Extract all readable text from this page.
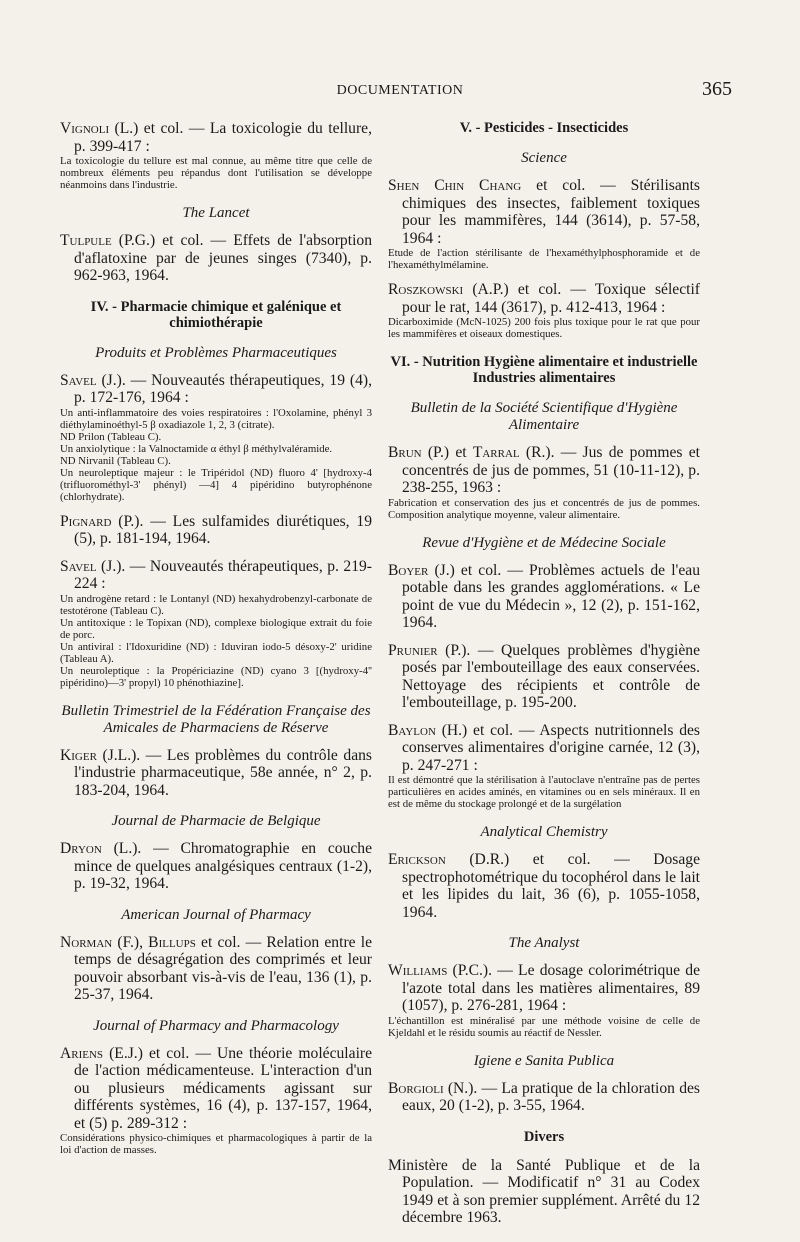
DOCUMENTATION	365
Vignoli (L.) et col. — La toxicologie du tellure, p. 399-417 :
La toxicologie du tellure est mal connue, au même titre que celle de nombreux éléments peu répandus dont l'utilisation se développe néanmoins dans l'industrie.
The Lancet
Tulpule (P.G.) et col. — Effets de l'absorption d'aflatoxine par de jeunes singes (7340), p. 962-963, 1964.
IV. - Pharmacie chimique et galénique et chimiothérapie
Produits et Problèmes Pharmaceutiques
Savel (J.). — Nouveautés thérapeutiques, 19 (4), p. 172-176, 1964 :
Un anti-inflammatoire des voies respiratoires : l'Oxolamine, phényl 3 diéthylaminoéthyl-5 β oxadiazole 1, 2, 3 (citrate).
ND Prilon (Tableau C).
Un anxiolytique : la Valnoctamide α éthyl β méthylvaléramide.
ND Nirvanil (Tableau C).
Un neuroleptique majeur : le Tripéridol (ND) fluoro 4' [hydroxy-4 (trifluorométhyl-3' phényl) —4] 4 pipéridino butyrophénone (chlorhydrate).
Pignard (P.). — Les sulfamides diurétiques, 19 (5), p. 181-194, 1964.
Savel (J.). — Nouveautés thérapeutiques, p. 219-224 :
Un androgène retard : le Lontanyl (ND) hexahydrobenzyl-carbonate de testotérone (Tableau C).
Un antitoxique : le Topixan (ND), complexe biologique extrait du foie de porc.
Un antiviral : l'Idoxuridine (ND) : Iduviran iodo-5 désoxy-2' uridine (Tableau A).
Un neuroleptique : la Propériciazine (ND) cyano 3 [(hydroxy-4'' pipéridino)—3' propyl) 10 phénothiazine].
Bulletin Trimestriel de la Fédération Française des Amicales de Pharmaciens de Réserve
Kiger (J.L.). — Les problèmes du contrôle dans l'industrie pharmaceutique, 58e année, n° 2, p. 183-204, 1964.
Journal de Pharmacie de Belgique
Dryon (L.). — Chromatographie en couche mince de quelques analgésiques centraux (1-2), p. 19-32, 1964.
American Journal of Pharmacy
Norman (F.), Billups et col. — Relation entre le temps de désagrégation des comprimés et leur pouvoir absorbant vis-à-vis de l'eau, 136 (1), p. 25-37, 1964.
Journal of Pharmacy and Pharmacology
Ariens (E.J.) et col. — Une théorie moléculaire de l'action médicamenteuse. L'interaction d'un ou plusieurs médicaments agissant sur différents systèmes, 16 (4), p. 137-157, 1964, et (5) p. 289-312 :
Considérations physico-chimiques et pharmacologiques à partir de la loi d'action de masses.
V. - Pesticides - Insecticides
Science
Shen Chin Chang et col. — Stérilisants chimiques des insectes, faiblement toxiques pour les mammifères, 144 (3614), p. 57-58, 1964 :
Etude de l'action stérilisante de l'hexaméthylphosphoramide et de l'hexaméthylmélamine.
Roszkowski (A.P.) et col. — Toxique sélectif pour le rat, 144 (3617), p. 412-413, 1964 :
Dicarboximide (McN-1025) 200 fois plus toxique pour le rat que pour les mammifères et oiseaux domestiques.
VI. - Nutrition Hygiène alimentaire et industrielle Industries alimentaires
Bulletin de la Société Scientifique d'Hygiène Alimentaire
Brun (P.) et Tarral (R.). — Jus de pommes et concentrés de jus de pommes, 51 (10-11-12), p. 238-255, 1963 :
Fabrication et conservation des jus et concentrés de jus de pommes. Composition analytique moyenne, valeur alimentaire.
Revue d'Hygiène et de Médecine Sociale
Boyer (J.) et col. — Problèmes actuels de l'eau potable dans les grandes agglomérations. « Le point de vue du Médecin », 12 (2), p. 151-162, 1964.
Prunier (P.). — Quelques problèmes d'hygiène posés par l'embouteillage des eaux conservées. Nettoyage des récipients et contrôle de l'embouteillage, p. 195-200.
Baylon (H.) et col. — Aspects nutritionnels des conserves alimentaires d'origine carnée, 12 (3), p. 247-271 :
Il est démontré que la stérilisation à l'autoclave n'entraîne pas de pertes particulières en acides aminés, en vitamines ou en sels minéraux. Il en est de même du stockage prolongé et de la surgélation
Analytical Chemistry
Erickson (D.R.) et col. — Dosage spectrophotométrique du tocophérol dans le lait et les lipides du lait, 36 (6), p. 1055-1058, 1964.
The Analyst
Williams (P.C.). — Le dosage colorimétrique de l'azote total dans les matières alimentaires, 89 (1057), p. 276-281, 1964 :
L'échantillon est minéralisé par une méthode voisine de celle de Kjeldahl et le résidu soumis au réactif de Nessler.
Igiene e Sanita Publica
Borgioli (N.). — La pratique de la chloration des eaux, 20 (1-2), p. 3-55, 1964.
Divers
Ministère de la Santé Publique et de la Population. — Modificatif n° 31 au Codex 1949 et à son premier supplément. Arrêté du 12 décembre 1963.
